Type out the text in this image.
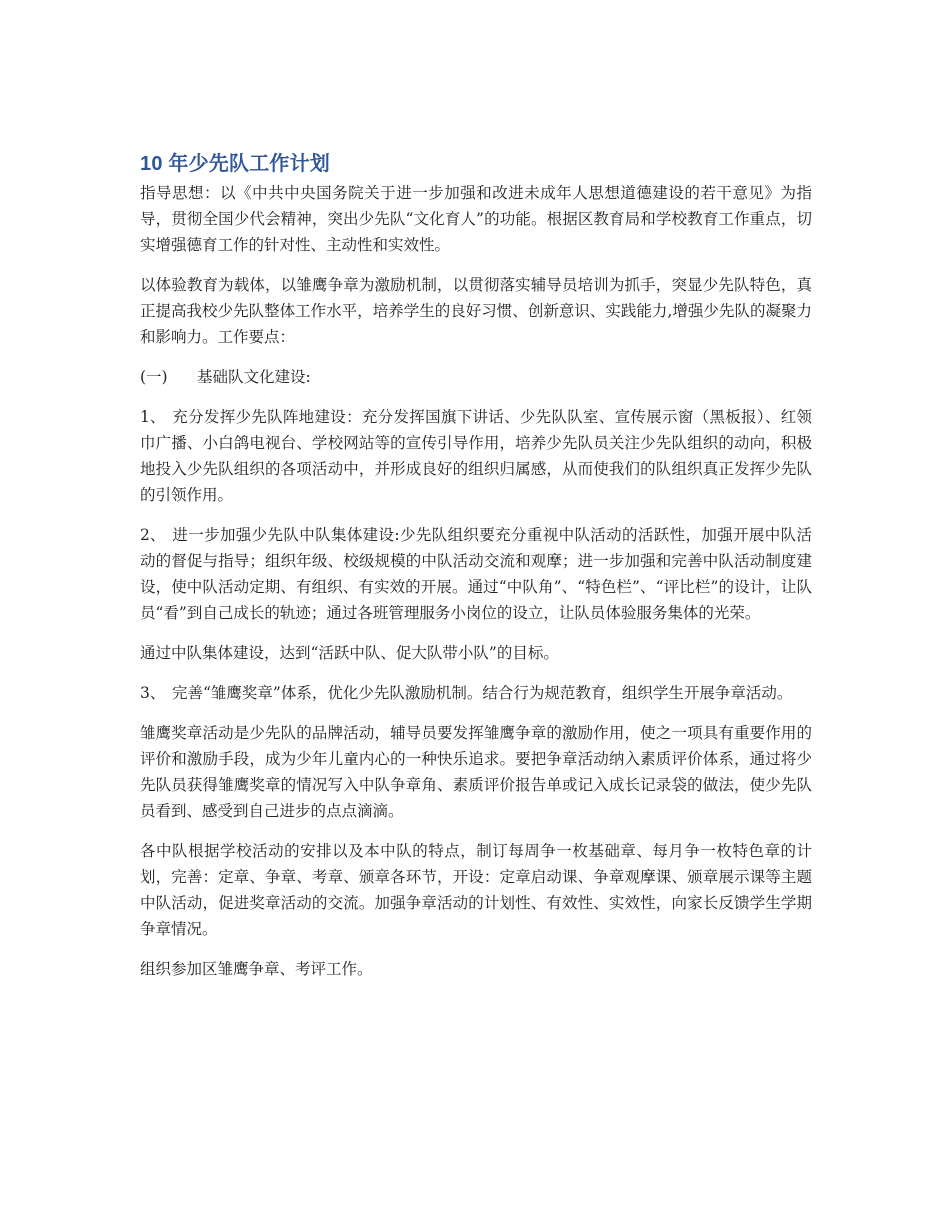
10 年少先队工作计划

指导思想：以《中共中央国务院关于进一步加强和改进未成年人思想道德建设的若干意见》为指导，贯彻全国少代会精神，突出少先队“文化育人”的功能。根据区教育局和学校教育工作重点，切实增强德育工作的针对性、主动性和实效性。

以体验教育为载体，以雏鹰争章为激励机制，以贯彻落实辅导员培训为抓手，突显少先队特色，真正提高我校少先队整体工作水平，培养学生的良好习惯、创新意识、实践能力,增强少先队的凝聚力和影响力。工作要点：

(一) 基础队文化建设:

1、 充分发挥少先队阵地建设：充分发挥国旗下讲话、少先队队室、宣传展示窗（黑板报）、红领巾广播、小白鸽电视台、学校网站等的宣传引导作用，培养少先队员关注少先队组织的动向，积极地投入少先队组织的各项活动中，并形成良好的组织归属感，从而使我们的队组织真正发挥少先队的引领作用。

2、 进一步加强少先队中队集体建设:少先队组织要充分重视中队活动的活跃性，加强开展中队活动的督促与指导；组织年级、校级规模的中队活动交流和观摩；进一步加强和完善中队活动制度建设，使中队活动定期、有组织、有实效的开展。通过“中队角”、“特色栏”、“评比栏”的设计，让队员“看”到自己成长的轨迹；通过各班管理服务小岗位的设立，让队员体验服务集体的光荣。

通过中队集体建设，达到“活跃中队、促大队带小队”的目标。

3、 完善“雏鹰奖章”体系，优化少先队激励机制。结合行为规范教育，组织学生开展争章活动。

雏鹰奖章活动是少先队的品牌活动，辅导员要发挥雏鹰争章的激励作用，使之一项具有重要作用的评价和激励手段，成为少年儿童内心的一种快乐追求。要把争章活动纳入素质评价体系，通过将少先队员获得雏鹰奖章的情况写入中队争章角、素质评价报告单或记入成长记录袋的做法，使少先队员看到、感受到自己进步的点点滴滴。

各中队根据学校活动的安排以及本中队的特点，制订每周争一枚基础章、每月争一枚特色章的计划，完善：定章、争章、考章、颁章各环节，开设：定章启动课、争章观摩课、颁章展示课等主题中队活动，促进奖章活动的交流。加强争章活动的计划性、有效性、实效性，向家长反馈学生学期争章情况。

组织参加区雏鹰争章、考评工作。
